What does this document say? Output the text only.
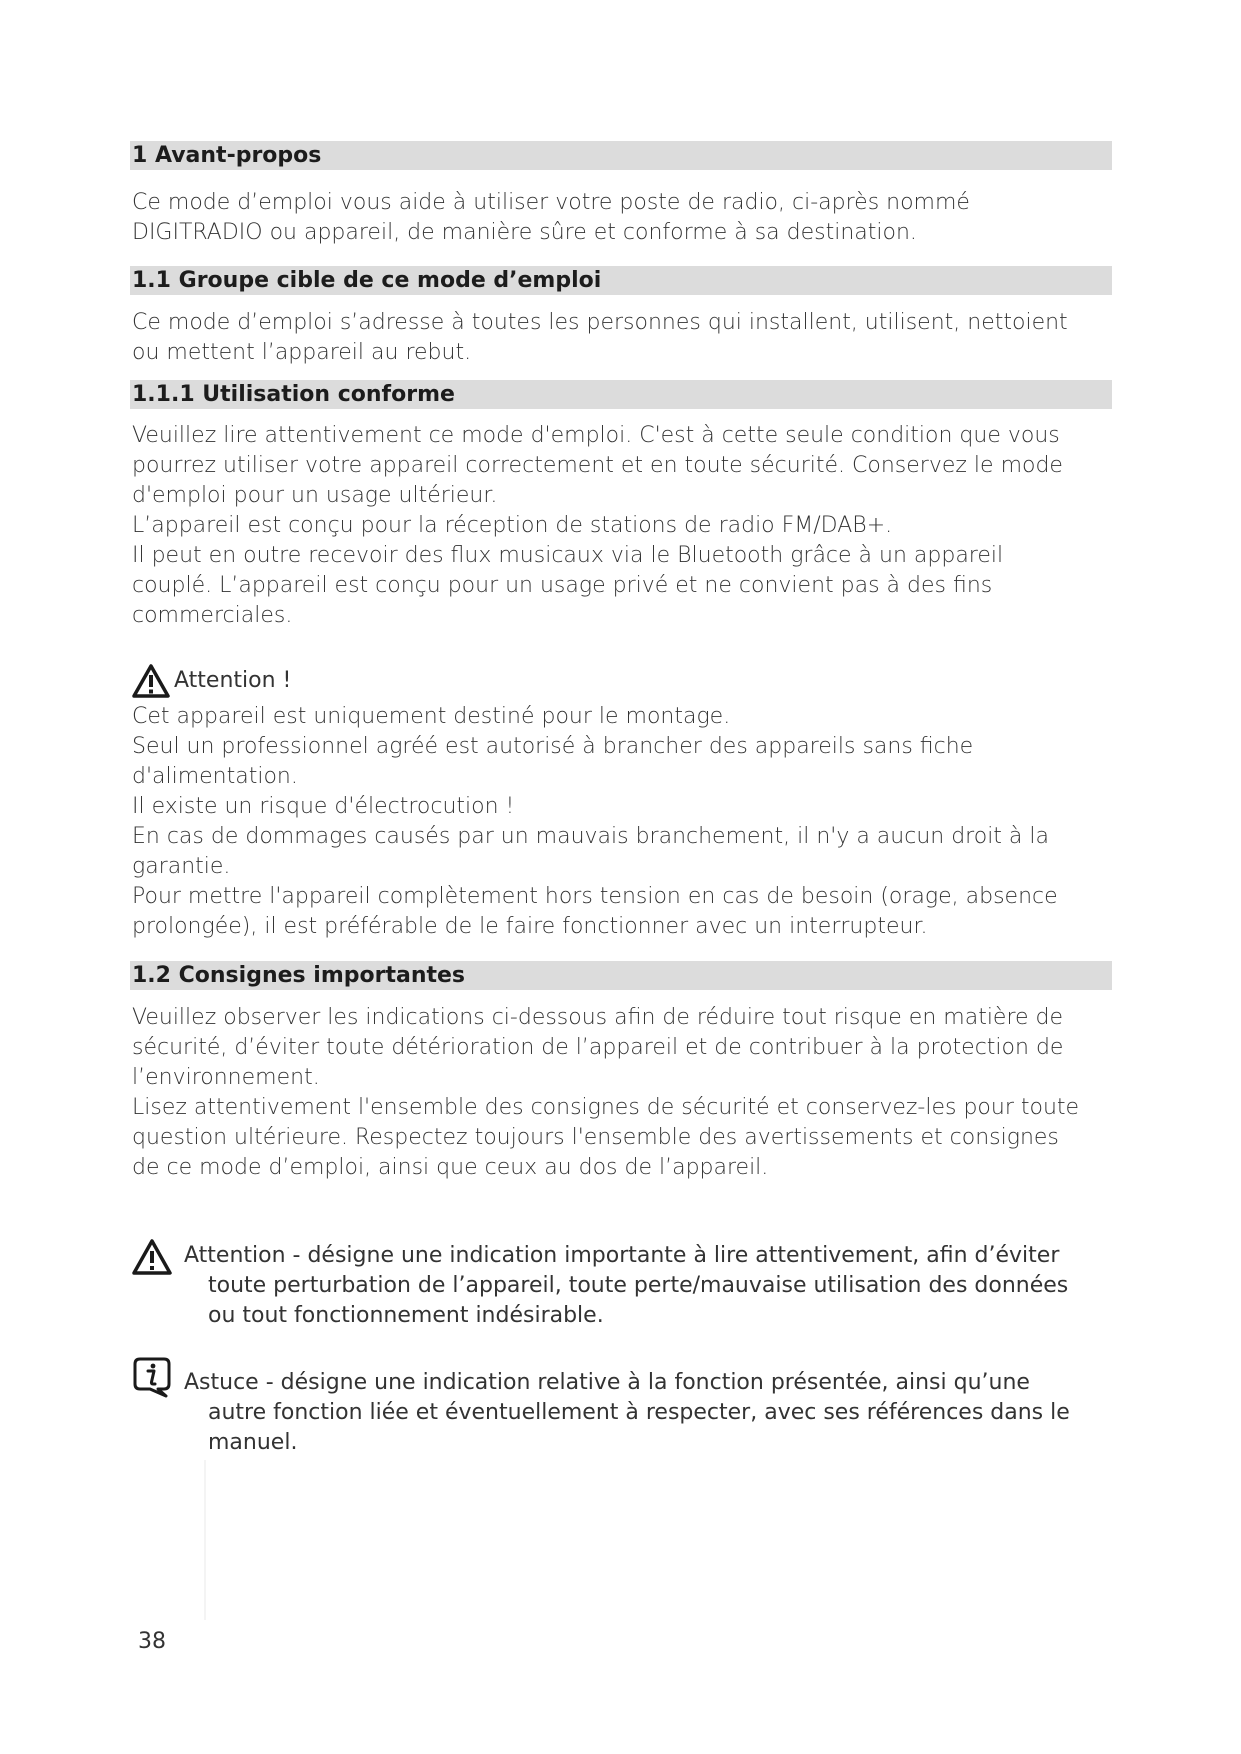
1 Avant-propos

Ce mode d’emploi vous aide à utiliser votre poste de radio, ci-après nommé

DIGITRADIO ou appareil, de manière sûre et conforme à sa destination.

1.1 Groupe cible de ce mode d’emploi

Ce mode d’emploi s’adresse à toutes les personnes qui installent, utilisent, nettoient

ou mettent l’appareil au rebut.

1.1.1 Utilisation conforme

Veuillez lire attentivement ce mode d'emploi. C'est à cette seule condition que vous

pourrez utiliser votre appareil correctement et en toute sécurité. Conservez le mode

d'emploi pour un usage ultérieur.

L’appareil est conçu pour la réception de stations de radio FM/DAB+.

Il peut en outre recevoir des flux musicaux via le Bluetooth grâce à un appareil

couplé. L’appareil est conçu pour un usage privé et ne convient pas à des fins

commerciales.

Attention !

Cet appareil est uniquement destiné pour le montage.

Seul un professionnel agréé est autorisé à brancher des appareils sans fiche

d'alimentation.

Il existe un risque d'électrocution !

En cas de dommages causés par un mauvais branchement, il n'y a aucun droit à la

garantie.

Pour mettre l'appareil complètement hors tension en cas de besoin (orage, absence

prolongée), il est préférable de le faire fonctionner avec un interrupteur.

1.2 Consignes importantes

Veuillez observer les indications ci-dessous afin de réduire tout risque en matière de

sécurité, d’éviter toute détérioration de l’appareil et de contribuer à la protection de

l’environnement.

Lisez attentivement l'ensemble des consignes de sécurité et conservez-les pour toute

question ultérieure. Respectez toujours l'ensemble des avertissements et consignes

de ce mode d’emploi, ainsi que ceux au dos de l’appareil.

Attention - désigne une indication importante à lire attentivement, afin d’éviter
toute perturbation de l’appareil, toute perte/mauvaise utilisation des données
ou tout fonctionnement indésirable.
Astuce - désigne une indication relative à la fonction présentée, ainsi qu’une
autre fonction liée et éventuellement à respecter, avec ses références dans le
manuel.
38
